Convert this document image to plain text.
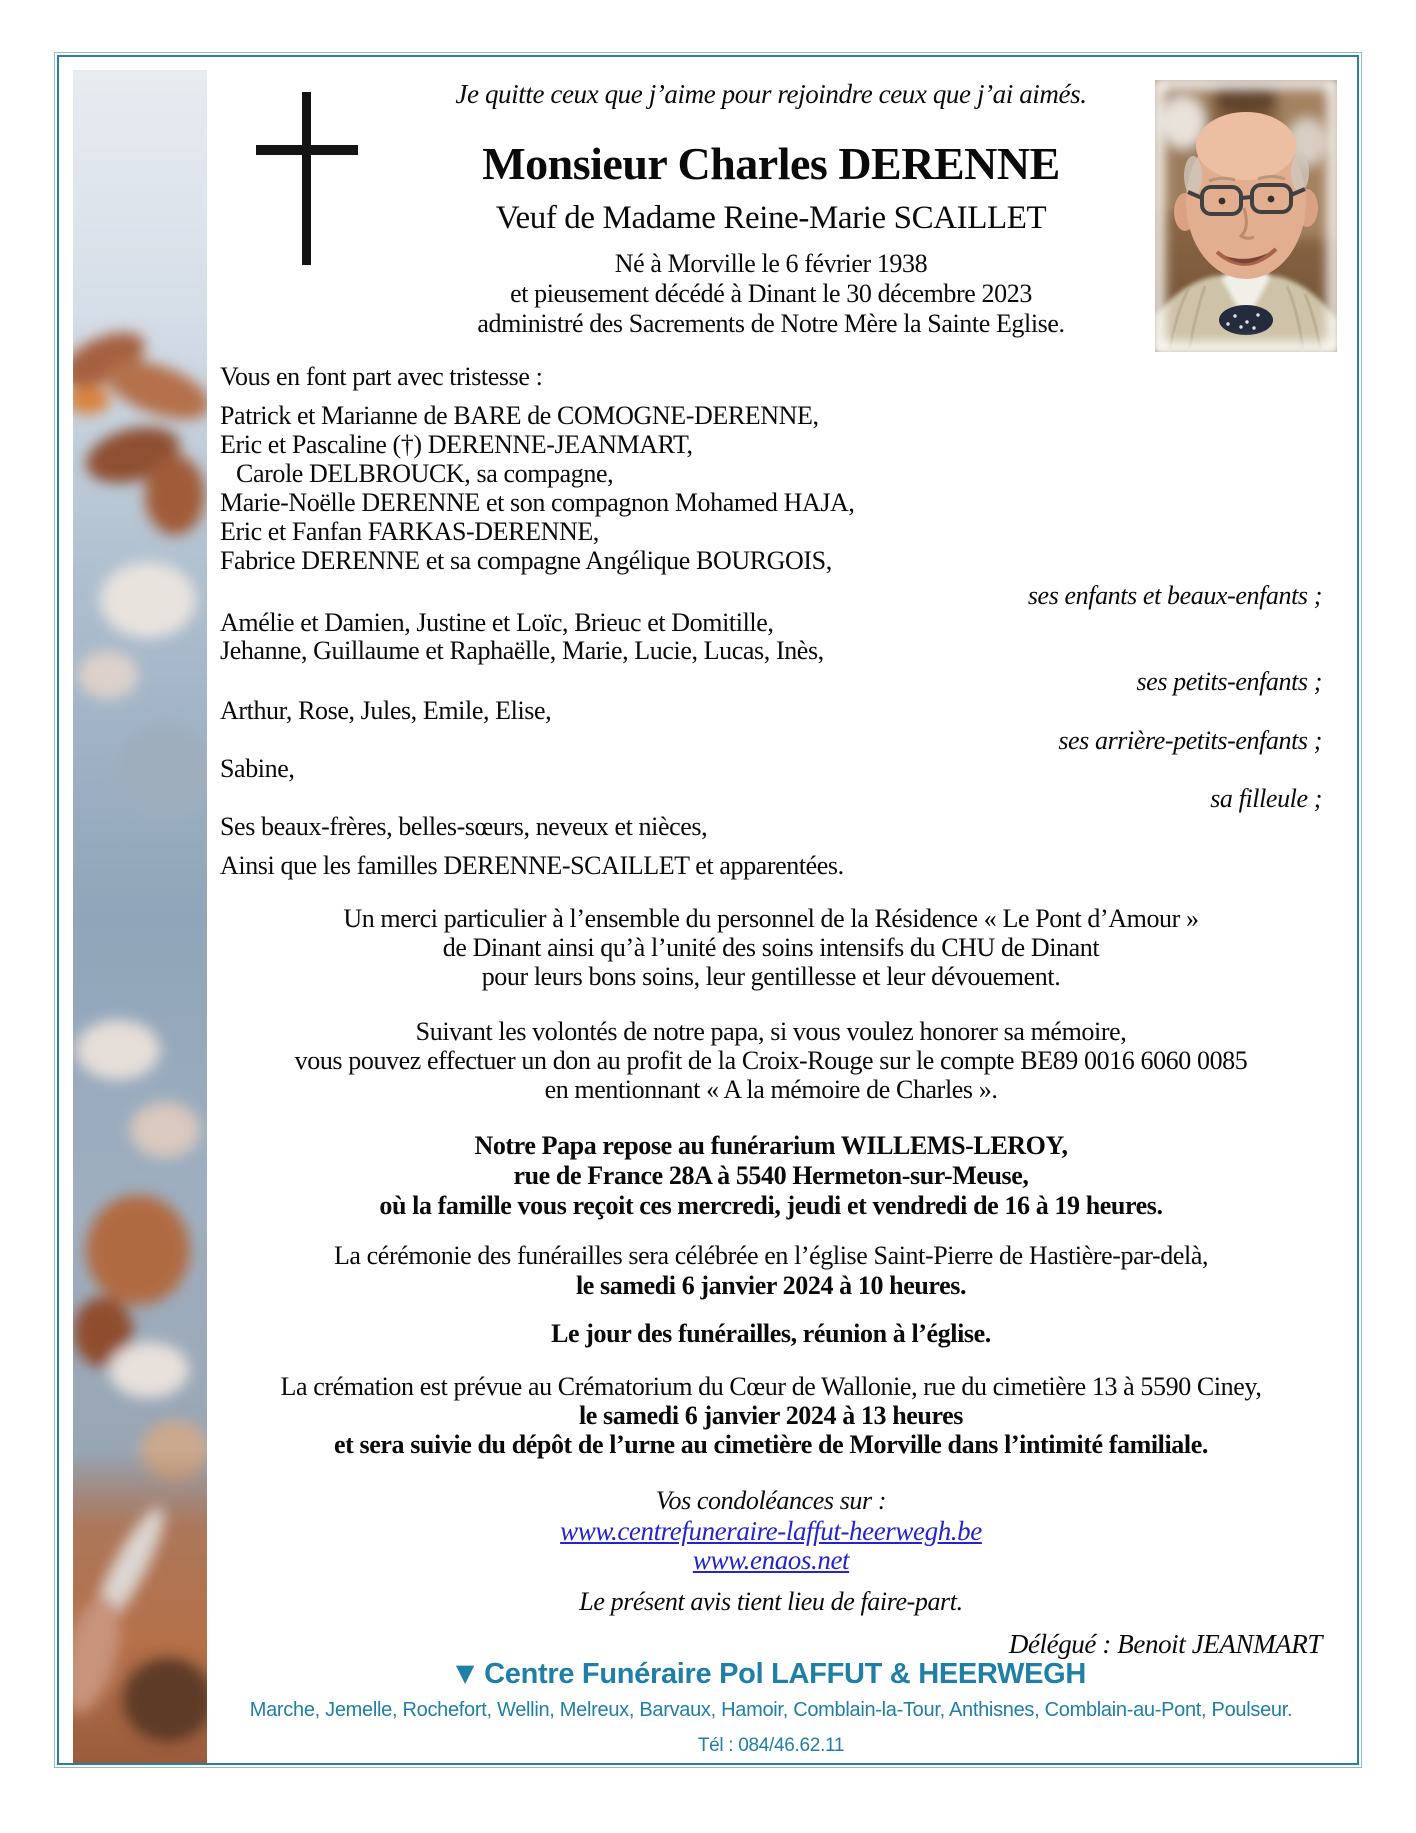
Je quitte ceux que j’aime pour rejoindre ceux que j’ai aimés.
Monsieur Charles DERENNE
Veuf de Madame Reine-Marie SCAILLET
Né à Morville le 6 février 1938
et pieusement décédé à Dinant le 30 décembre 2023
administré des Sacrements de Notre Mère la Sainte Eglise.
Vous en font part avec tristesse :
Patrick et Marianne de BARE de COMOGNE-DERENNE,
Eric et Pascaline (†) DERENNE-JEANMART,
Carole DELBROUCK, sa compagne,
Marie-Noëlle DERENNE et son compagnon Mohamed HAJA,
Eric et Fanfan FARKAS-DERENNE,
Fabrice DERENNE et sa compagne Angélique BOURGOIS,
ses enfants et beaux-enfants ;
Amélie et Damien, Justine et Loïc, Brieuc et Domitille,
Jehanne, Guillaume et Raphaëlle, Marie, Lucie, Lucas, Inès,
ses petits-enfants ;
Arthur, Rose, Jules, Emile, Elise,
ses arrière-petits-enfants ;
Sabine,
sa filleule ;
Ses beaux-frères, belles-sœurs, neveux et nièces,
Ainsi que les familles DERENNE-SCAILLET et apparentées.
Un merci particulier à l’ensemble du personnel de la Résidence « Le Pont d’Amour »
de Dinant ainsi qu’à l’unité des soins intensifs du CHU de Dinant
pour leurs bons soins, leur gentillesse et leur dévouement.
Suivant les volontés de notre papa, si vous voulez honorer sa mémoire,
vous pouvez effectuer un don au profit de la Croix-Rouge sur le compte BE89 0016 6060 0085
en mentionnant « A la mémoire de Charles ».
Notre Papa repose au funérarium WILLEMS-LEROY,
rue de France 28A à 5540 Hermeton-sur-Meuse,
où la famille vous reçoit ces mercredi, jeudi et vendredi de 16 à 19 heures.
La cérémonie des funérailles sera célébrée en l’église Saint-Pierre de Hastière-par-delà,
le samedi 6 janvier 2024 à 10 heures.
Le jour des funérailles, réunion à l’église.
La crémation est prévue au Crématorium du Cœur de Wallonie, rue du cimetière 13 à 5590 Ciney,
le samedi 6 janvier 2024 à 13 heures
et sera suivie du dépôt de l’urne au cimetière de Morville dans l’intimité familiale.
Vos condoléances sur :
www.centrefuneraire-laffut-heerwegh.be
www.enaos.net
Le présent avis tient lieu de faire-part.
Délégué : Benoit JEANMART
▼ Centre Funéraire Pol LAFFUT & HEERWEGH
Marche, Jemelle, Rochefort, Wellin, Melreux, Barvaux, Hamoir, Comblain-la-Tour, Anthisnes, Comblain-au-Pont, Poulseur.
Tél : 084/46.62.11
